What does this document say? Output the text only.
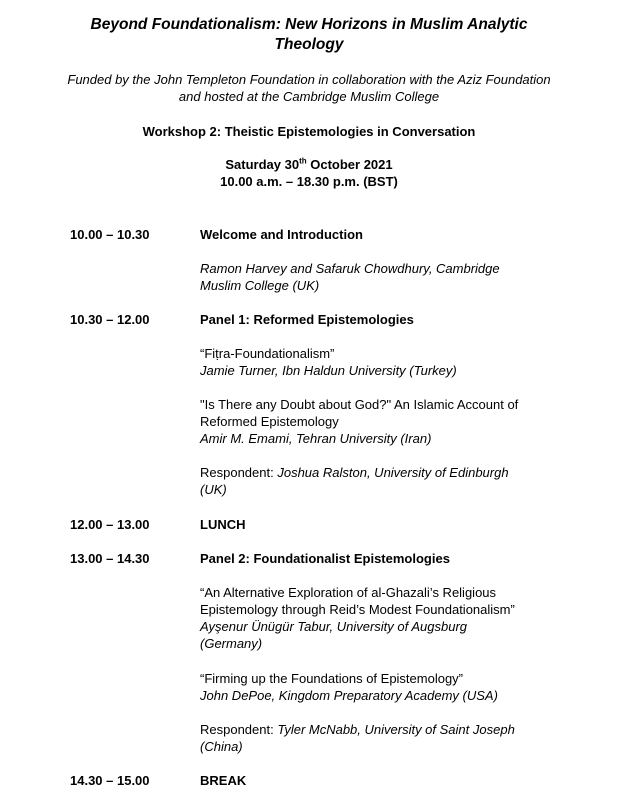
Beyond Foundationalism: New Horizons in Muslim Analytic
Theology
Funded by the John Templeton Foundation in collaboration with the Aziz Foundation
and hosted at the Cambridge Muslim College
Workshop 2: Theistic Epistemologies in Conversation
Saturday 30th October 2021
10.00 a.m. – 18.30 p.m. (BST)
10.00 – 10.30	Welcome and Introduction
Ramon Harvey and Safaruk Chowdhury, Cambridge
Muslim College (UK)
10.30 – 12.00	Panel 1: Reformed Epistemologies
“Fiṭra-Foundationalism”
Jamie Turner, Ibn Haldun University (Turkey)
"Is There any Doubt about God?" An Islamic Account of
Reformed Epistemology
Amir M. Emami, Tehran University (Iran)
Respondent: Joshua Ralston, University of Edinburgh
(UK)
12.00 – 13.00	LUNCH
13.00 – 14.30	Panel 2: Foundationalist Epistemologies
“An Alternative Exploration of al-Ghazali’s Religious
Epistemology through Reid’s Modest Foundationalism”
Ayşenur Ünügür Tabur, University of Augsburg
(Germany)
“Firming up the Foundations of Epistemology”
John DePoe, Kingdom Preparatory Academy (USA)
Respondent: Tyler McNabb, University of Saint Joseph
(China)
14.30 – 15.00	BREAK
